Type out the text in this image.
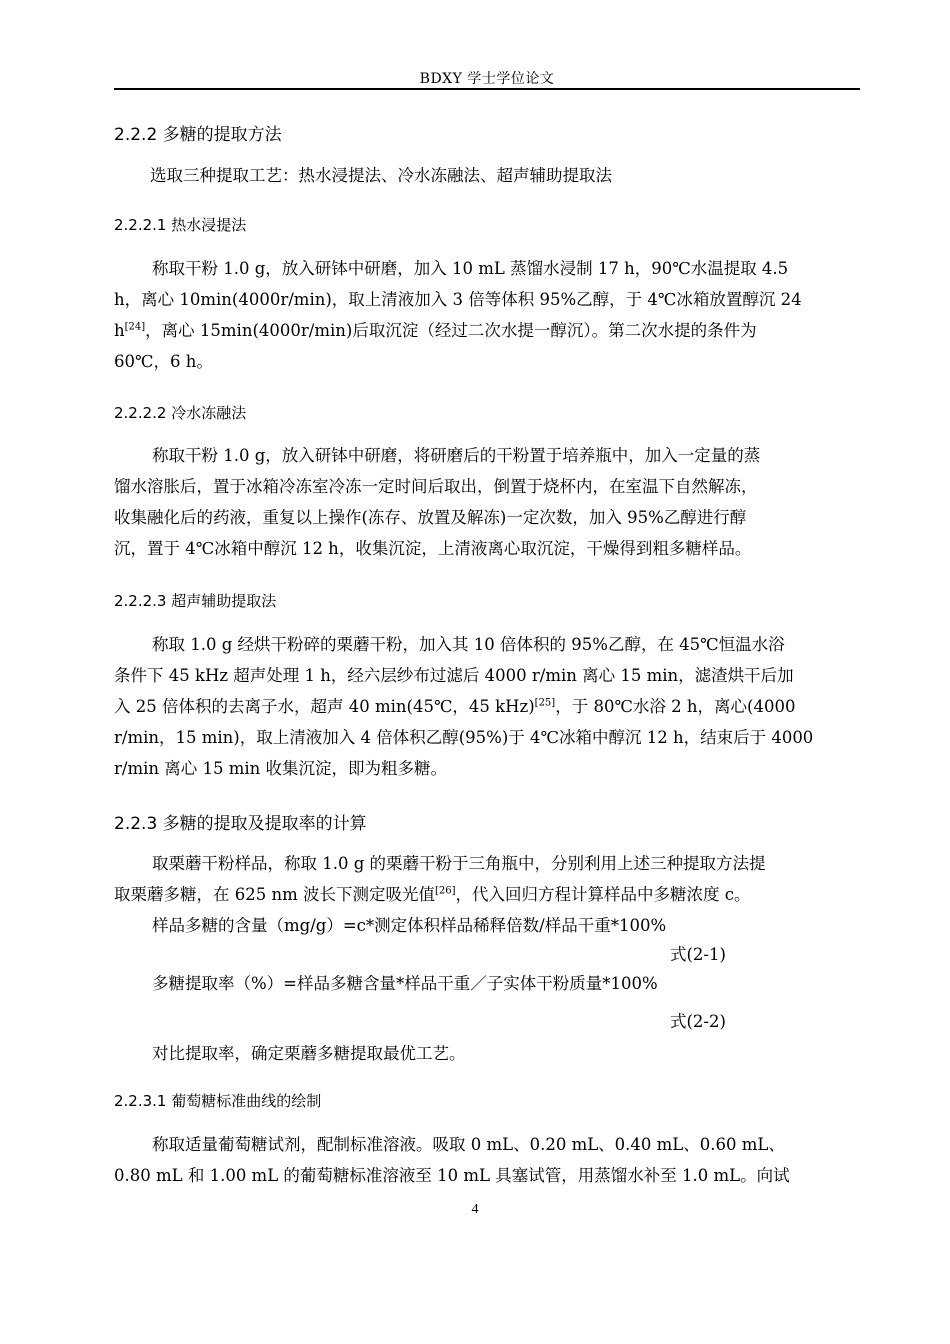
BDXY 学士学位论文
2.2.2 多糖的提取方法
选取三种提取工艺：热水浸提法、冷水冻融法、超声辅助提取法
2.2.2.1 热水浸提法
称取干粉 1.0 g，放入研钵中研磨，加入 10 mL 蒸馏水浸制 17 h，90℃水温提取 4.5
h，离心 10min(4000r/min)，取上清液加入 3 倍等体积 95%乙醇，于 4℃冰箱放置醇沉 24
h[24]，离心 15min(4000r/min)后取沉淀（经过二次水提一醇沉）。第二次水提的条件为
60℃，6 h。
2.2.2.2 冷水冻融法
称取干粉 1.0 g，放入研钵中研磨，将研磨后的干粉置于培养瓶中，加入一定量的蒸
馏水溶胀后，置于冰箱冷冻室冷冻一定时间后取出，倒置于烧杯内，在室温下自然解冻，
收集融化后的药液，重复以上操作(冻存、放置及解冻)一定次数，加入 95%乙醇进行醇
沉，置于 4℃冰箱中醇沉 12 h，收集沉淀，上清液离心取沉淀，干燥得到粗多糖样品。
2.2.2.3 超声辅助提取法
称取 1.0 g 经烘干粉碎的栗蘑干粉，加入其 10 倍体积的 95%乙醇，在 45℃恒温水浴
条件下 45 kHz 超声处理 1 h，经六层纱布过滤后 4000 r/min 离心 15 min，滤渣烘干后加
入 25 倍体积的去离子水，超声 40 min(45℃，45 kHz)[25]，于 80℃水浴 2 h，离心(4000
r/min，15 min)，取上清液加入 4 倍体积乙醇(95%)于 4℃冰箱中醇沉 12 h，结束后于 4000
r/min 离心 15 min 收集沉淀，即为粗多糖。
2.2.3 多糖的提取及提取率的计算
取栗蘑干粉样品，称取 1.0 g 的栗蘑干粉于三角瓶中，分别利用上述三种提取方法提
取栗蘑多糖，在 625 nm 波长下测定吸光值[26]，代入回归方程计算样品中多糖浓度 c。
样品多糖的含量（mg/g）=c*测定体积样品稀释倍数/样品干重*100%
式(2-1)
多糖提取率（%）=样品多糖含量*样品干重／子实体干粉质量*100%
式(2-2)
对比提取率，确定栗蘑多糖提取最优工艺。
2.2.3.1 葡萄糖标准曲线的绘制
称取适量葡萄糖试剂，配制标准溶液。吸取 0 mL、0.20 mL、0.40 mL、0.60 mL、
0.80 mL 和 1.00 mL 的葡萄糖标准溶液至 10 mL 具塞试管，用蒸馏水补至 1.0 mL。向试
4
